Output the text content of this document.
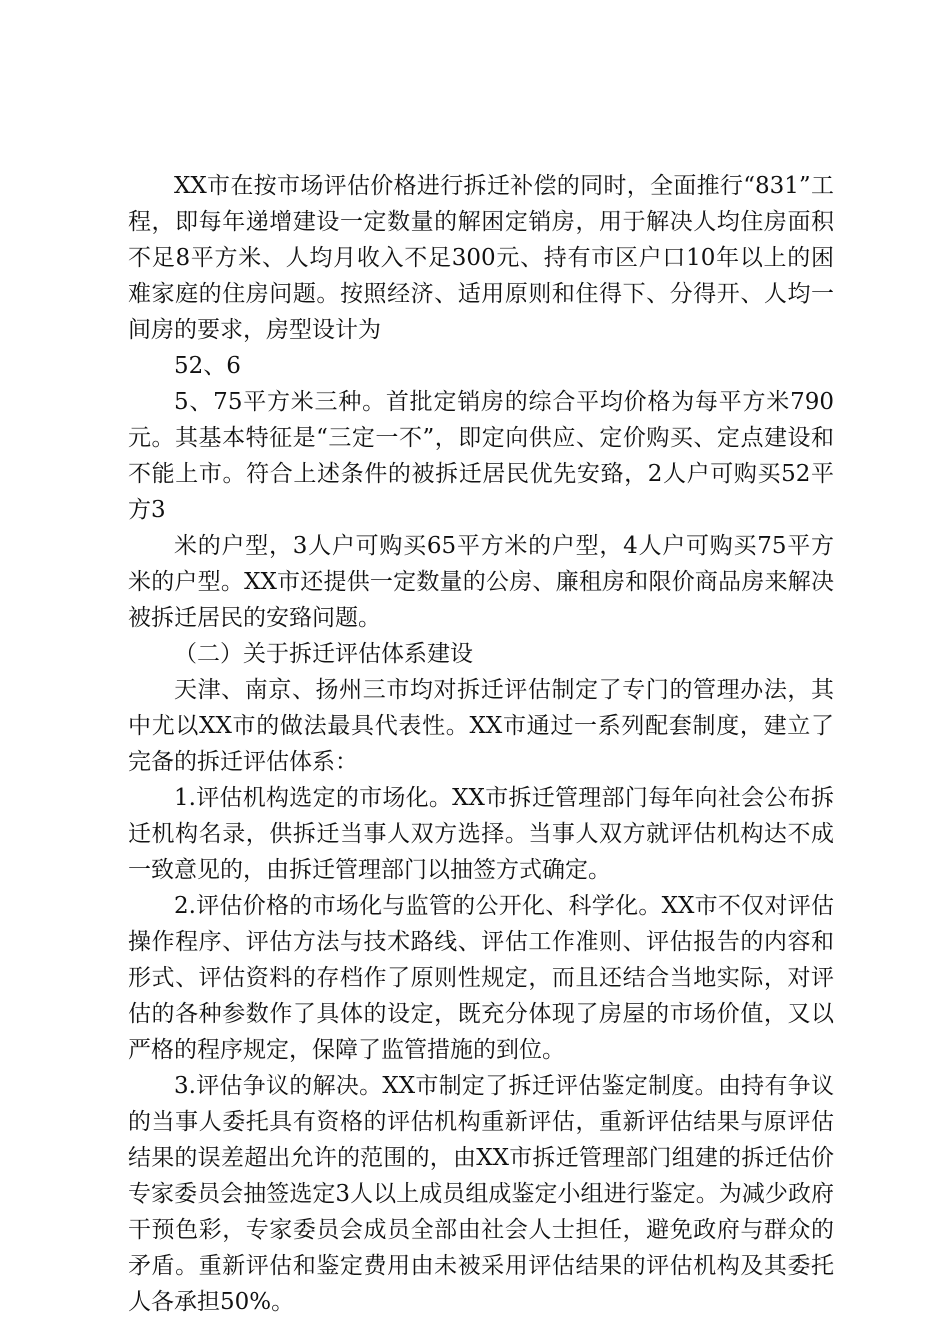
XX市在按市场评估价格进行拆迁补偿的同时，全面推行“831”工程，即每年递增建设一定数量的解困定销房，用于解决人均住房面积不足8平方米、人均月收入不足300元、持有市区户口10年以上的困难家庭的住房问题。按照经济、适用原则和住得下、分得开、人均一间房的要求，房型设计为

52、6

5、75平方米三种。首批定销房的综合平均价格为每平方米790元。其基本特征是“三定一不”，即定向供应、定价购买、定点建设和不能上市。符合上述条件的被拆迁居民优先安臵，2人户可购买52平方3

米的户型，3人户可购买65平方米的户型，4人户可购买75平方米的户型。XX市还提供一定数量的公房、廉租房和限价商品房来解决被拆迁居民的安臵问题。

（二）关于拆迁评估体系建设

天津、南京、扬州三市均对拆迁评估制定了专门的管理办法，其中尤以XX市的做法最具代表性。XX市通过一系列配套制度，建立了完备的拆迁评估体系：

1.评估机构选定的市场化。XX市拆迁管理部门每年向社会公布拆迁机构名录，供拆迁当事人双方选择。当事人双方就评估机构达不成一致意见的，由拆迁管理部门以抽签方式确定。

2.评估价格的市场化与监管的公开化、科学化。XX市不仅对评估操作程序、评估方法与技术路线、评估工作准则、评估报告的内容和形式、评估资料的存档作了原则性规定，而且还结合当地实际，对评估的各种参数作了具体的设定，既充分体现了房屋的市场价值，又以严格的程序规定，保障了监管措施的到位。

3.评估争议的解决。XX市制定了拆迁评估鉴定制度。由持有争议的当事人委托具有资格的评估机构重新评估，重新评估结果与原评估结果的误差超出允许的范围的，由XX市拆迁管理部门组建的拆迁估价专家委员会抽签选定3人以上成员组成鉴定小组进行鉴定。为减少政府干预色彩，专家委员会成员全部由社会人士担任，避免政府与群众的矛盾。重新评估和鉴定费用由未被采用评估结果的评估机构及其委托人各承担50%。
